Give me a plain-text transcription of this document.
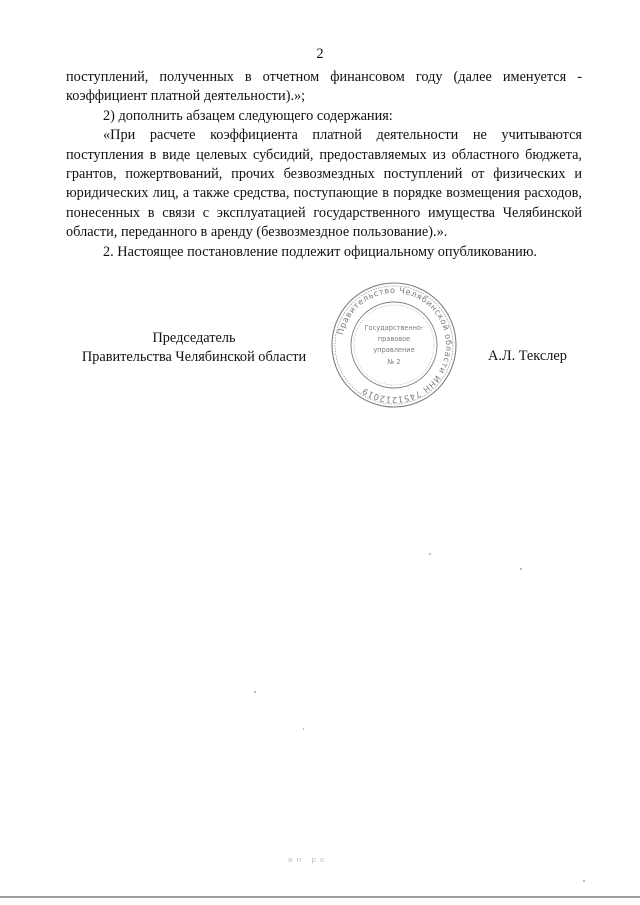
2

поступлений, полученных в отчетном финансовом году (далее именуется - коэффициент платной деятельности).»;

2) дополнить абзацем следующего содержания:

«При расчете коэффициента платной деятельности не учитываются поступления в виде целевых субсидий, предоставляемых из областного бюджета, грантов, пожертвований, прочих безвозмездных поступлений от физических и юридических лиц, а также средства, поступающие в порядке возмещения расходов, понесенных в связи с эксплуатацией государственного имущества Челябинской области, переданного в аренду (безвозмездное пользование).».

2. Настоящее постановление подлежит официальному опубликованию.

Председатель
Правительства Челябинской области
Правительство Челябинской области ИНН 7451212019
Государственно-
правовое
управление
№ 2	А.Л. Текслер
ип ро
